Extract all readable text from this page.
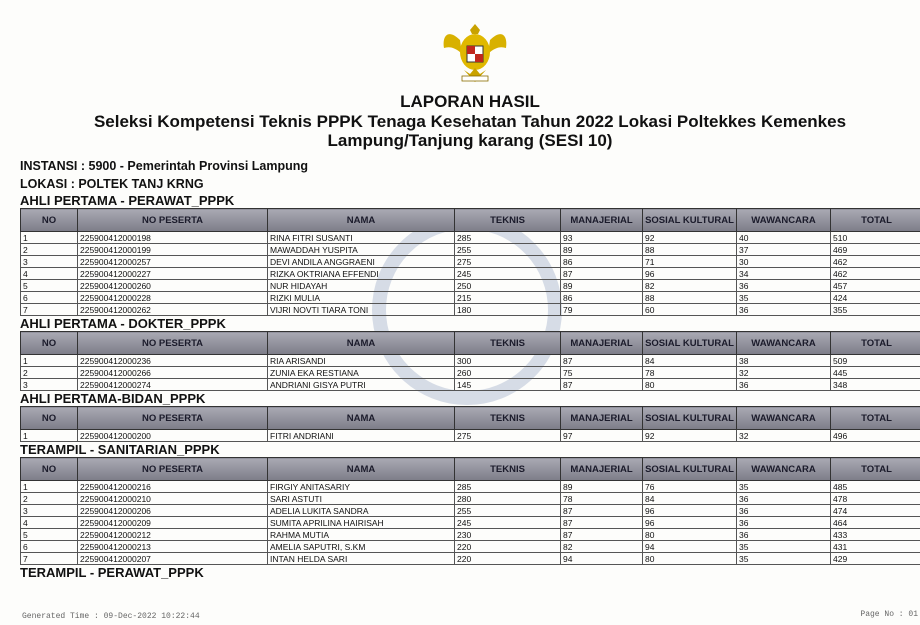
LAPORAN HASIL
Seleksi Kompetensi Teknis PPPK Tenaga Kesehatan Tahun 2022 Lokasi Poltekkes Kemenkes
Lampung/Tanjung karang (SESI 10)
INSTANSI : 5900 - Pemerintah Provinsi Lampung
LOKASI : POLTEK TANJ KRNG
AHLI PERTAMA - PERAWAT_PPPK
NO	NO PESERTA	NAMA	TEKNIS	MANAJERIAL	SOSIAL KULTURAL	WAWANCARA	TOTAL
1	225900412000198	RINA FITRI SUSANTI	285	93	92	40	510
2	225900412000199	MAWADDAH YUSPITA	255	89	88	37	469
3	225900412000257	DEVI ANDILA ANGGRAENI	275	86	71	30	462
4	225900412000227	RIZKA OKTRIANA EFFENDI	245	87	96	34	462
5	225900412000260	NUR HIDAYAH	250	89	82	36	457
6	225900412000228	RIZKI MULIA	215	86	88	35	424
7	225900412000262	VIJRI NOVTI TIARA TONI	180	79	60	36	355
AHLI PERTAMA - DOKTER_PPPK
NO	NO PESERTA	NAMA	TEKNIS	MANAJERIAL	SOSIAL KULTURAL	WAWANCARA	TOTAL
1	225900412000236	RIA ARISANDI	300	87	84	38	509
2	225900412000266	ZUNIA EKA RESTIANA	260	75	78	32	445
3	225900412000274	ANDRIANI GISYA PUTRI	145	87	80	36	348
AHLI PERTAMA-BIDAN_PPPK
NO	NO PESERTA	NAMA	TEKNIS	MANAJERIAL	SOSIAL KULTURAL	WAWANCARA	TOTAL
1	225900412000200	FITRI ANDRIANI	275	97	92	32	496
TERAMPIL - SANITARIAN_PPPK
NO	NO PESERTA	NAMA	TEKNIS	MANAJERIAL	SOSIAL KULTURAL	WAWANCARA	TOTAL
1	225900412000216	FIRGIY ANITASARIY	285	89	76	35	485
2	225900412000210	SARI ASTUTI	280	78	84	36	478
3	225900412000206	ADELIA LUKITA SANDRA	255	87	96	36	474
4	225900412000209	SUMITA APRILINA HAIRISAH	245	87	96	36	464
5	225900412000212	RAHMA MUTIA	230	87	80	36	433
6	225900412000213	AMELIA SAPUTRI, S.KM	220	82	94	35	431
7	225900412000207	INTAN HELDA SARI	220	94	80	35	429
TERAMPIL - PERAWAT_PPPK
Generated Time : 09-Dec-2022 10:22:44	Page No : 01
